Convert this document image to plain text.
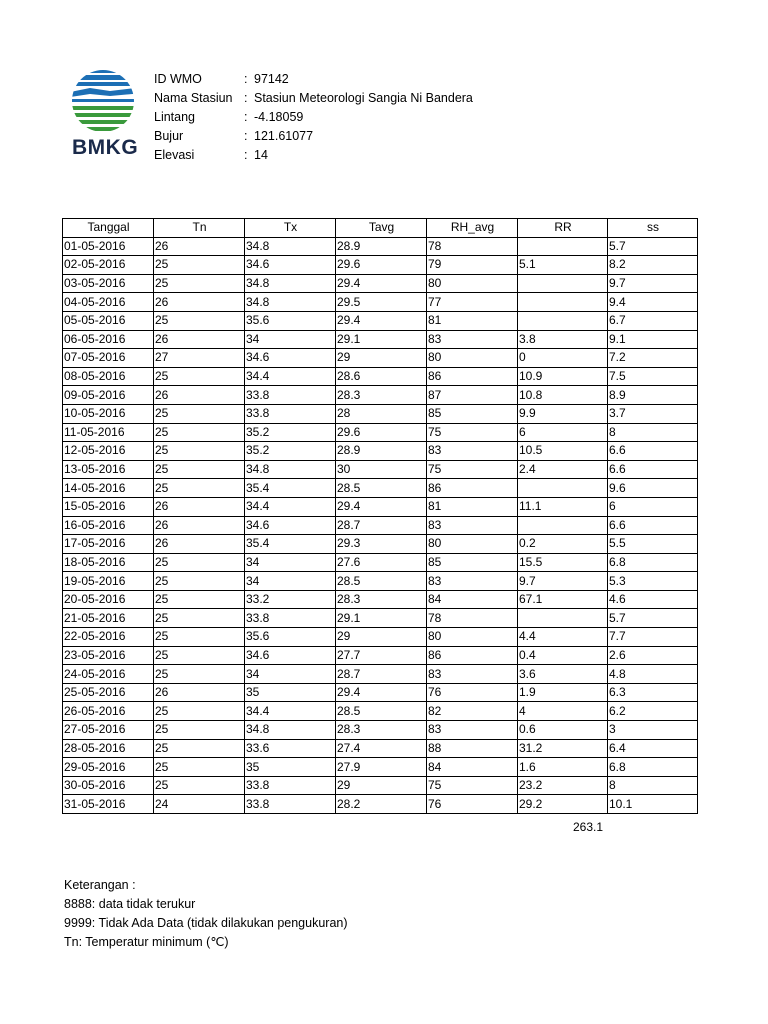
BMKG
ID WMO	: 97142
Nama Stasiun : Stasiun Meteorologi Sangia Ni Bandera
Lintang	: -4.18059
Bujur	: 121.61077
Elevasi	: 14
Tanggal	Tn	Tx	Tavg	RH_avg	RR	ss
01-05-2016	26	34.8	28.9	78		5.7
02-05-2016	25	34.6	29.6	79	5.1	8.2
03-05-2016	25	34.8	29.4	80		9.7
04-05-2016	26	34.8	29.5	77		9.4
05-05-2016	25	35.6	29.4	81		6.7
06-05-2016	26	34	29.1	83	3.8	9.1
07-05-2016	27	34.6	29	80	0	7.2
08-05-2016	25	34.4	28.6	86	10.9	7.5
09-05-2016	26	33.8	28.3	87	10.8	8.9
10-05-2016	25	33.8	28	85	9.9	3.7
11-05-2016	25	35.2	29.6	75	6	8
12-05-2016	25	35.2	28.9	83	10.5	6.6
13-05-2016	25	34.8	30	75	2.4	6.6
14-05-2016	25	35.4	28.5	86		9.6
15-05-2016	26	34.4	29.4	81	11.1	6
16-05-2016	26	34.6	28.7	83		6.6
17-05-2016	26	35.4	29.3	80	0.2	5.5
18-05-2016	25	34	27.6	85	15.5	6.8
19-05-2016	25	34	28.5	83	9.7	5.3
20-05-2016	25	33.2	28.3	84	67.1	4.6
21-05-2016	25	33.8	29.1	78		5.7
22-05-2016	25	35.6	29	80	4.4	7.7
23-05-2016	25	34.6	27.7	86	0.4	2.6
24-05-2016	25	34	28.7	83	3.6	4.8
25-05-2016	26	35	29.4	76	1.9	6.3
26-05-2016	25	34.4	28.5	82	4	6.2
27-05-2016	25	34.8	28.3	83	0.6	3
28-05-2016	25	33.6	27.4	88	31.2	6.4
29-05-2016	25	35	27.9	84	1.6	6.8
30-05-2016	25	33.8	29	75	23.2	8
31-05-2016	24	33.8	28.2	76	29.2	10.1
263.1
Keterangan :
8888: data tidak terukur
9999: Tidak Ada Data (tidak dilakukan pengukuran)
Tn: Temperatur minimum (℃)
